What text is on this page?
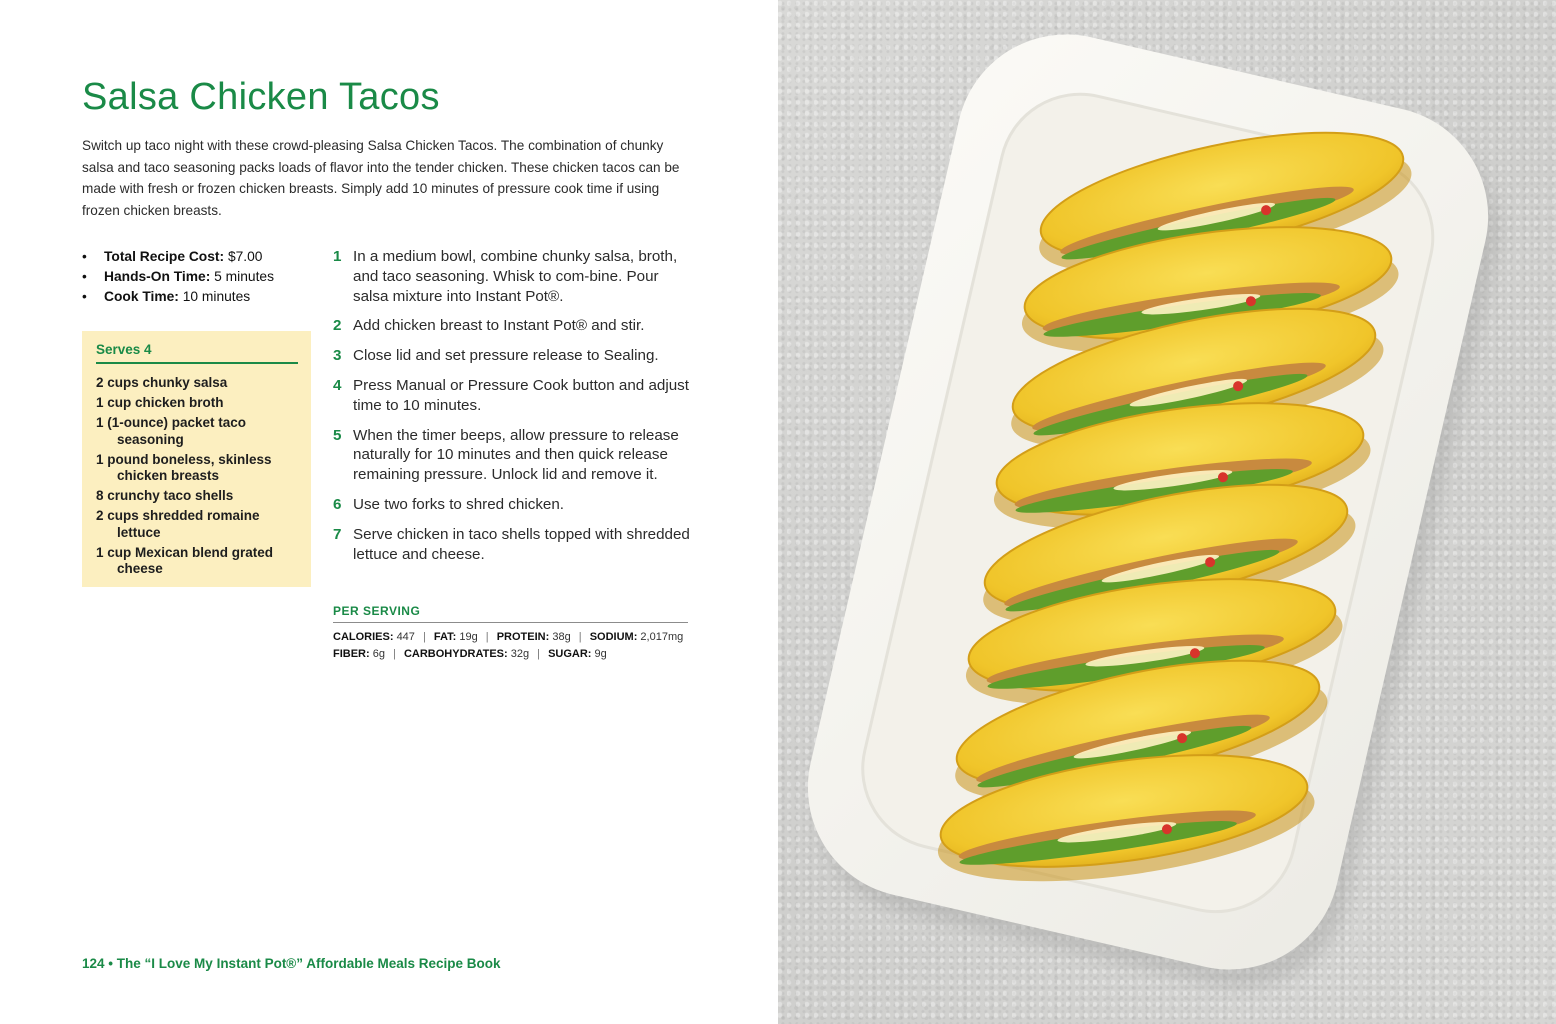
Salsa Chicken Tacos

Switch up taco night with these crowd-pleasing Salsa Chicken Tacos. The combination of chunky salsa and taco seasoning packs loads of flavor into the tender chicken. These chicken tacos can be made with fresh or frozen chicken breasts. Simply add 10 minutes of pressure cook time if using frozen chicken breasts.

• Total Recipe Cost: $7.00
• Hands-On Time: 5 minutes
• Cook Time: 10 minutes
Serves 4
2 cups chunky salsa
1 cup chicken broth
1 (1-ounce) packet taco seasoning
1 pound boneless, skinless chicken breasts
8 crunchy taco shells
2 cups shredded romaine lettuce
1 cup Mexican blend grated cheese
1 In a medium bowl, combine chunky salsa, broth, and taco seasoning. Whisk to com-bine. Pour salsa mixture into Instant Pot®.
2 Add chicken breast to Instant Pot® and stir.
3 Close lid and set pressure release to Sealing.
4 Press Manual or Pressure Cook button and adjust time to 10 minutes.
5 When the timer beeps, allow pressure to release naturally for 10 minutes and then quick release remaining pressure. Unlock lid and remove it.
6 Use two forks to shred chicken.
7 Serve chicken in taco shells topped with shredded lettuce and cheese.
PER SERVING
CALORIES: 447 | FAT: 19g | PROTEIN: 38g | SODIUM: 2,017mg
FIBER: 6g | CARBOHYDRATES: 32g | SUGAR: 9g
124 • The “I Love My Instant Pot®” Affordable Meals Recipe Book
